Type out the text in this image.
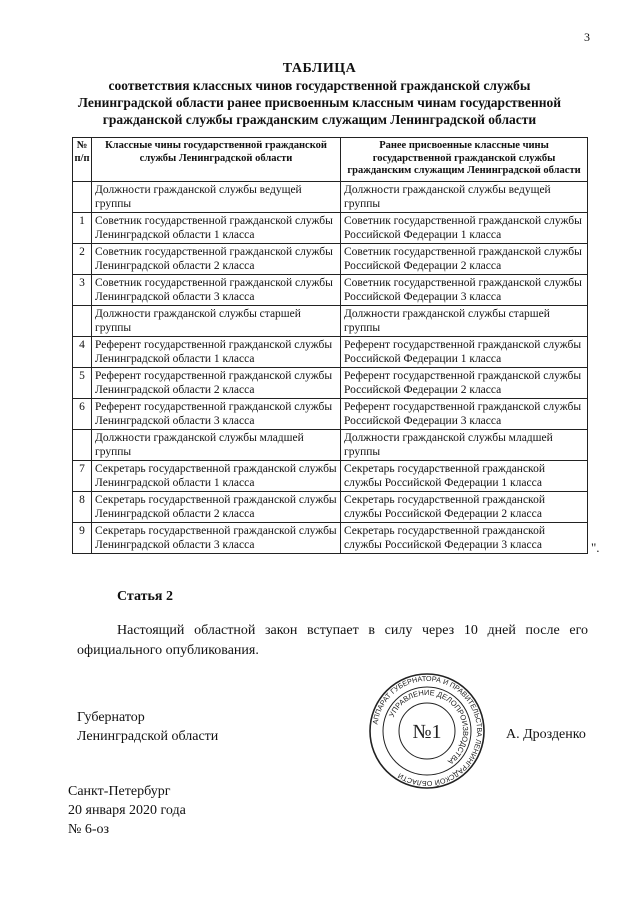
3
ТАБЛИЦА
соответствия классных чинов государственной гражданской службы
Ленинградской области ранее присвоенным классным чинам государственной
гражданской службы гражданским служащим Ленинградской области
№ п/п	Классные чины государственной гражданской службы Ленинградской области	Ранее присвоенные классные чины государственной гражданской службы гражданским служащим Ленинградской области
	Должности гражданской службы ведущей группы	Должности гражданской службы ведущей группы
1	Советник государственной гражданской службы Ленинградской области 1 класса	Советник государственной гражданской службы Российской Федерации 1 класса
2	Советник государственной гражданской службы Ленинградской области 2 класса	Советник государственной гражданской службы Российской Федерации 2 класса
3	Советник государственной гражданской службы Ленинградской области 3 класса	Советник государственной гражданской службы Российской Федерации 3 класса
	Должности гражданской службы старшей группы	Должности гражданской службы старшей группы
4	Референт государственной гражданской службы Ленинградской области 1 класса	Референт государственной гражданской службы Российской Федерации 1 класса
5	Референт государственной гражданской службы Ленинградской области 2 класса	Референт государственной гражданской службы Российской Федерации 2 класса
6	Референт государственной гражданской службы Ленинградской области 3 класса	Референт государственной гражданской службы Российской Федерации 3 класса
	Должности гражданской службы младшей группы	Должности гражданской службы младшей группы
7	Секретарь государственной гражданской службы Ленинградской области 1 класса	Секретарь государственной гражданской службы Российской Федерации 1 класса
8	Секретарь государственной гражданской службы Ленинградской области 2 класса	Секретарь государственной гражданской службы Российской Федерации 2 класса
9	Секретарь государственной гражданской службы Ленинградской области 3 класса	Секретарь государственной гражданской службы Российской Федерации 3 класса	".
Статья 2
Настоящий областной закон вступает в силу через 10 дней после его официального опубликования.
Губернатор
Ленинградской области
АППАРАТ ГУБЕРНАТОРА И ПРАВИТЕЛЬСТВА ЛЕНИНГРАДСКОЙ ОБЛАСТИ
УПРАВЛЕНИЕ ДЕЛОПРОИЗВОДСТВА
№1	А. Дрозденко
Санкт-Петербург
20 января 2020 года
№ 6-оз
